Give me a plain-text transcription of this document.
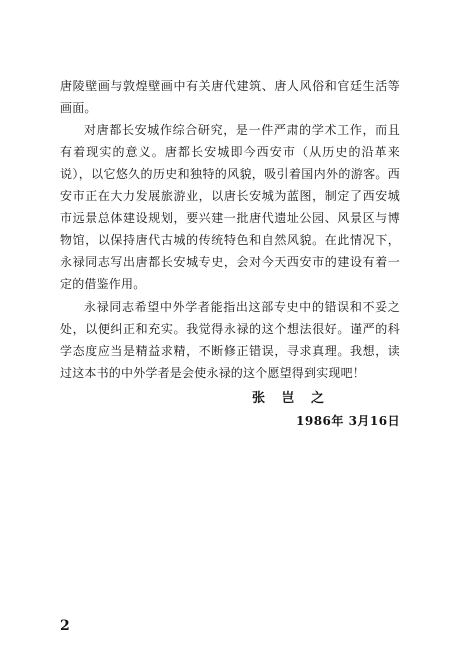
唐陵壁画与敦煌壁画中有关唐代建筑、唐人风俗和官廷生活等画面。

对唐都长安城作综合研究，是一件严肃的学术工作，而且有着现实的意义。唐都长安城即今西安市（从历史的沿革来说），以它悠久的历史和独特的风貌，吸引着国内外的游客。西安市正在大力发展旅游业，以唐长安城为蓝图，制定了西安城市远景总体建设规划，要兴建一批唐代遗址公园、风景区与博物馆，以保持唐代古城的传统特色和自然风貌。在此情况下，永禄同志写出唐都长安城专史，会对今天西安市的建设有着一定的借鉴作用。

永禄同志希望中外学者能指出这部专史中的错误和不妥之处，以便纠正和充实。我觉得永禄的这个想法很好。谨严的科学态度应当是精益求精，不断修正错误，寻求真理。我想，读过这本书的中外学者是会使永禄的这个愿望得到实现吧！

张 岂 之
1986年 3月16日
2
